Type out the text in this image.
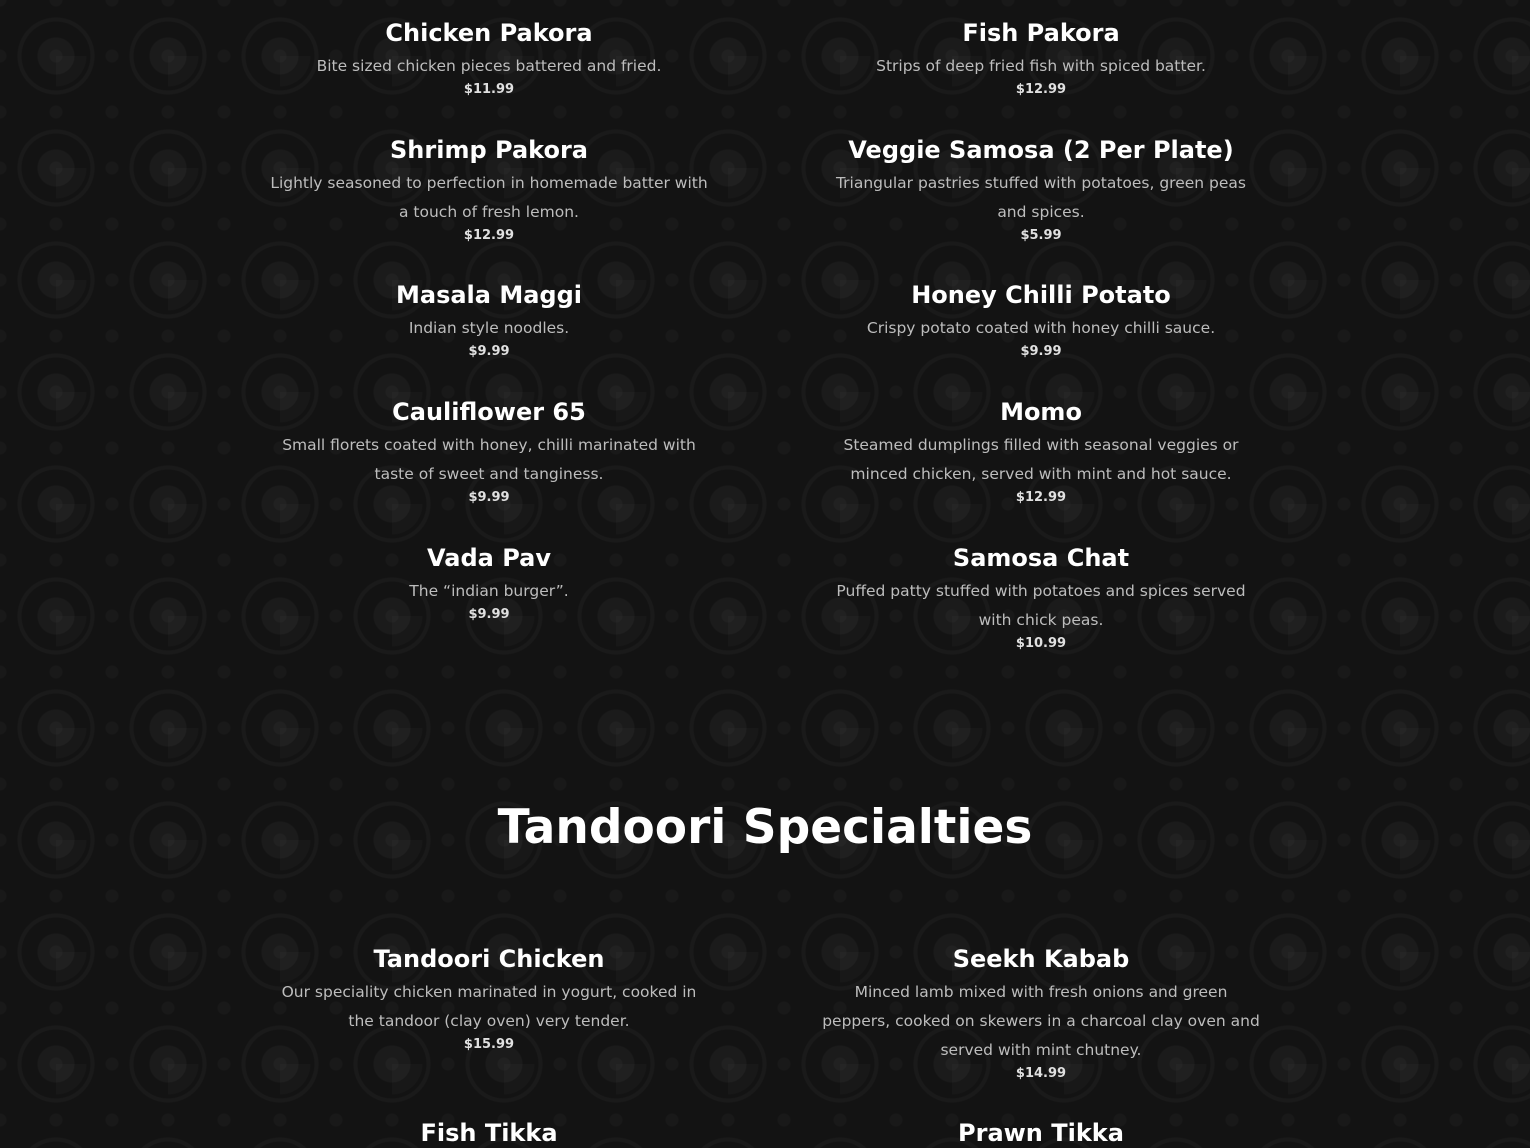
Chicken Pakora
Bite sized chicken pieces battered and fried.
$11.99
Fish Pakora
Strips of deep fried fish with spiced batter.
$12.99
Shrimp Pakora
Lightly seasoned to perfection in homemade batter with a touch of fresh lemon.
$12.99
Veggie Samosa (2 Per Plate)
Triangular pastries stuffed with potatoes, green peas and spices.
$5.99
Masala Maggi
Indian style noodles.
$9.99
Honey Chilli Potato
Crispy potato coated with honey chilli sauce.
$9.99
Cauliflower 65
Small florets coated with honey, chilli marinated with taste of sweet and tanginess.
$9.99
Momo
Steamed dumplings filled with seasonal veggies or minced chicken, served with mint and hot sauce.
$12.99
Vada Pav
The “indian burger”.
$9.99
Samosa Chat
Puffed patty stuffed with potatoes and spices served with chick peas.
$10.99
Tandoori Specialties
Tandoori Chicken
Our speciality chicken marinated in yogurt, cooked in the tandoor (clay oven) very tender.
$15.99
Seekh Kabab
Minced lamb mixed with fresh onions and green peppers, cooked on skewers in a charcoal clay oven and served with mint chutney.
$14.99
Fish Tikka	Prawn Tikka
